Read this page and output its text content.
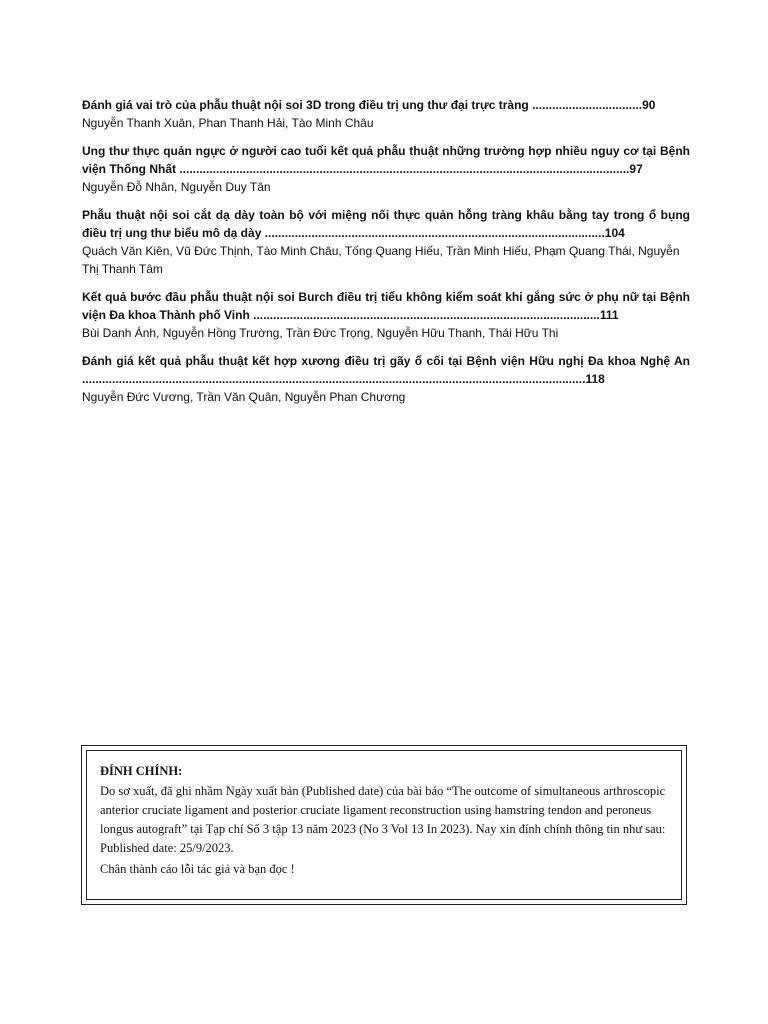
Đánh giá vai trò của phẫu thuật nội soi 3D trong điều trị ung thư đại trực tràng .................................90
Nguyễn Thanh Xuân, Phan Thanh Hải, Tào Minh Châu
Ung thư thực quản ngực ở người cao tuổi kết quả phẫu thuật những trường hợp nhiều nguy cơ tại Bệnh viện Thống Nhất .......................................................................................................................................97
Nguyễn Đỗ Nhân, Nguyễn Duy Tân
Phẫu thuật nội soi cắt dạ dày toàn bộ với miệng nối thực quản hỗng tràng khâu bằng tay trong ổ bụng điều trị ung thư biểu mô dạ dày ......................................................................................................104
Quách Văn Kiên, Vũ Đức Thịnh, Tào Minh Châu, Tống Quang Hiếu, Trần Minh Hiếu, Phạm Quang Thái, Nguyễn Thị Thanh Tâm
Kết quả bước đầu phẫu thuật nội soi Burch điều trị tiểu không kiểm soát khi gắng sức ở phụ nữ tại Bệnh viện Đa khoa Thành phố Vinh ........................................................................................................111
Bùi Danh Ánh, Nguyễn Hồng Trường, Trần Đức Trọng, Nguyễn Hữu Thanh, Thái Hữu Thi
Đánh giá kết quả phẫu thuật kết hợp xương điều trị gãy ổ cối tại Bệnh viện Hữu nghị Đa khoa Nghệ An .......................................................................................................................................................118
Nguyễn Đức Vương, Trần Văn Quân, Nguyễn Phan Chương
ĐÍNH CHÍNH:
Do sơ xuất, đã ghi nhầm Ngày xuất bản (Published date) của bài báo “The outcome of simultaneous arthroscopic anterior cruciate ligament and posterior cruciate ligament reconstruction using hamstring tendon and peroneus longus autograft” tại Tạp chí Số 3 tập 13 năm 2023 (No 3 Vol 13 In 2023). Nay xin đính chính thông tin như sau: Published date: 25/9/2023.
Chân thành cáo lỗi tác giả và bạn đọc !
